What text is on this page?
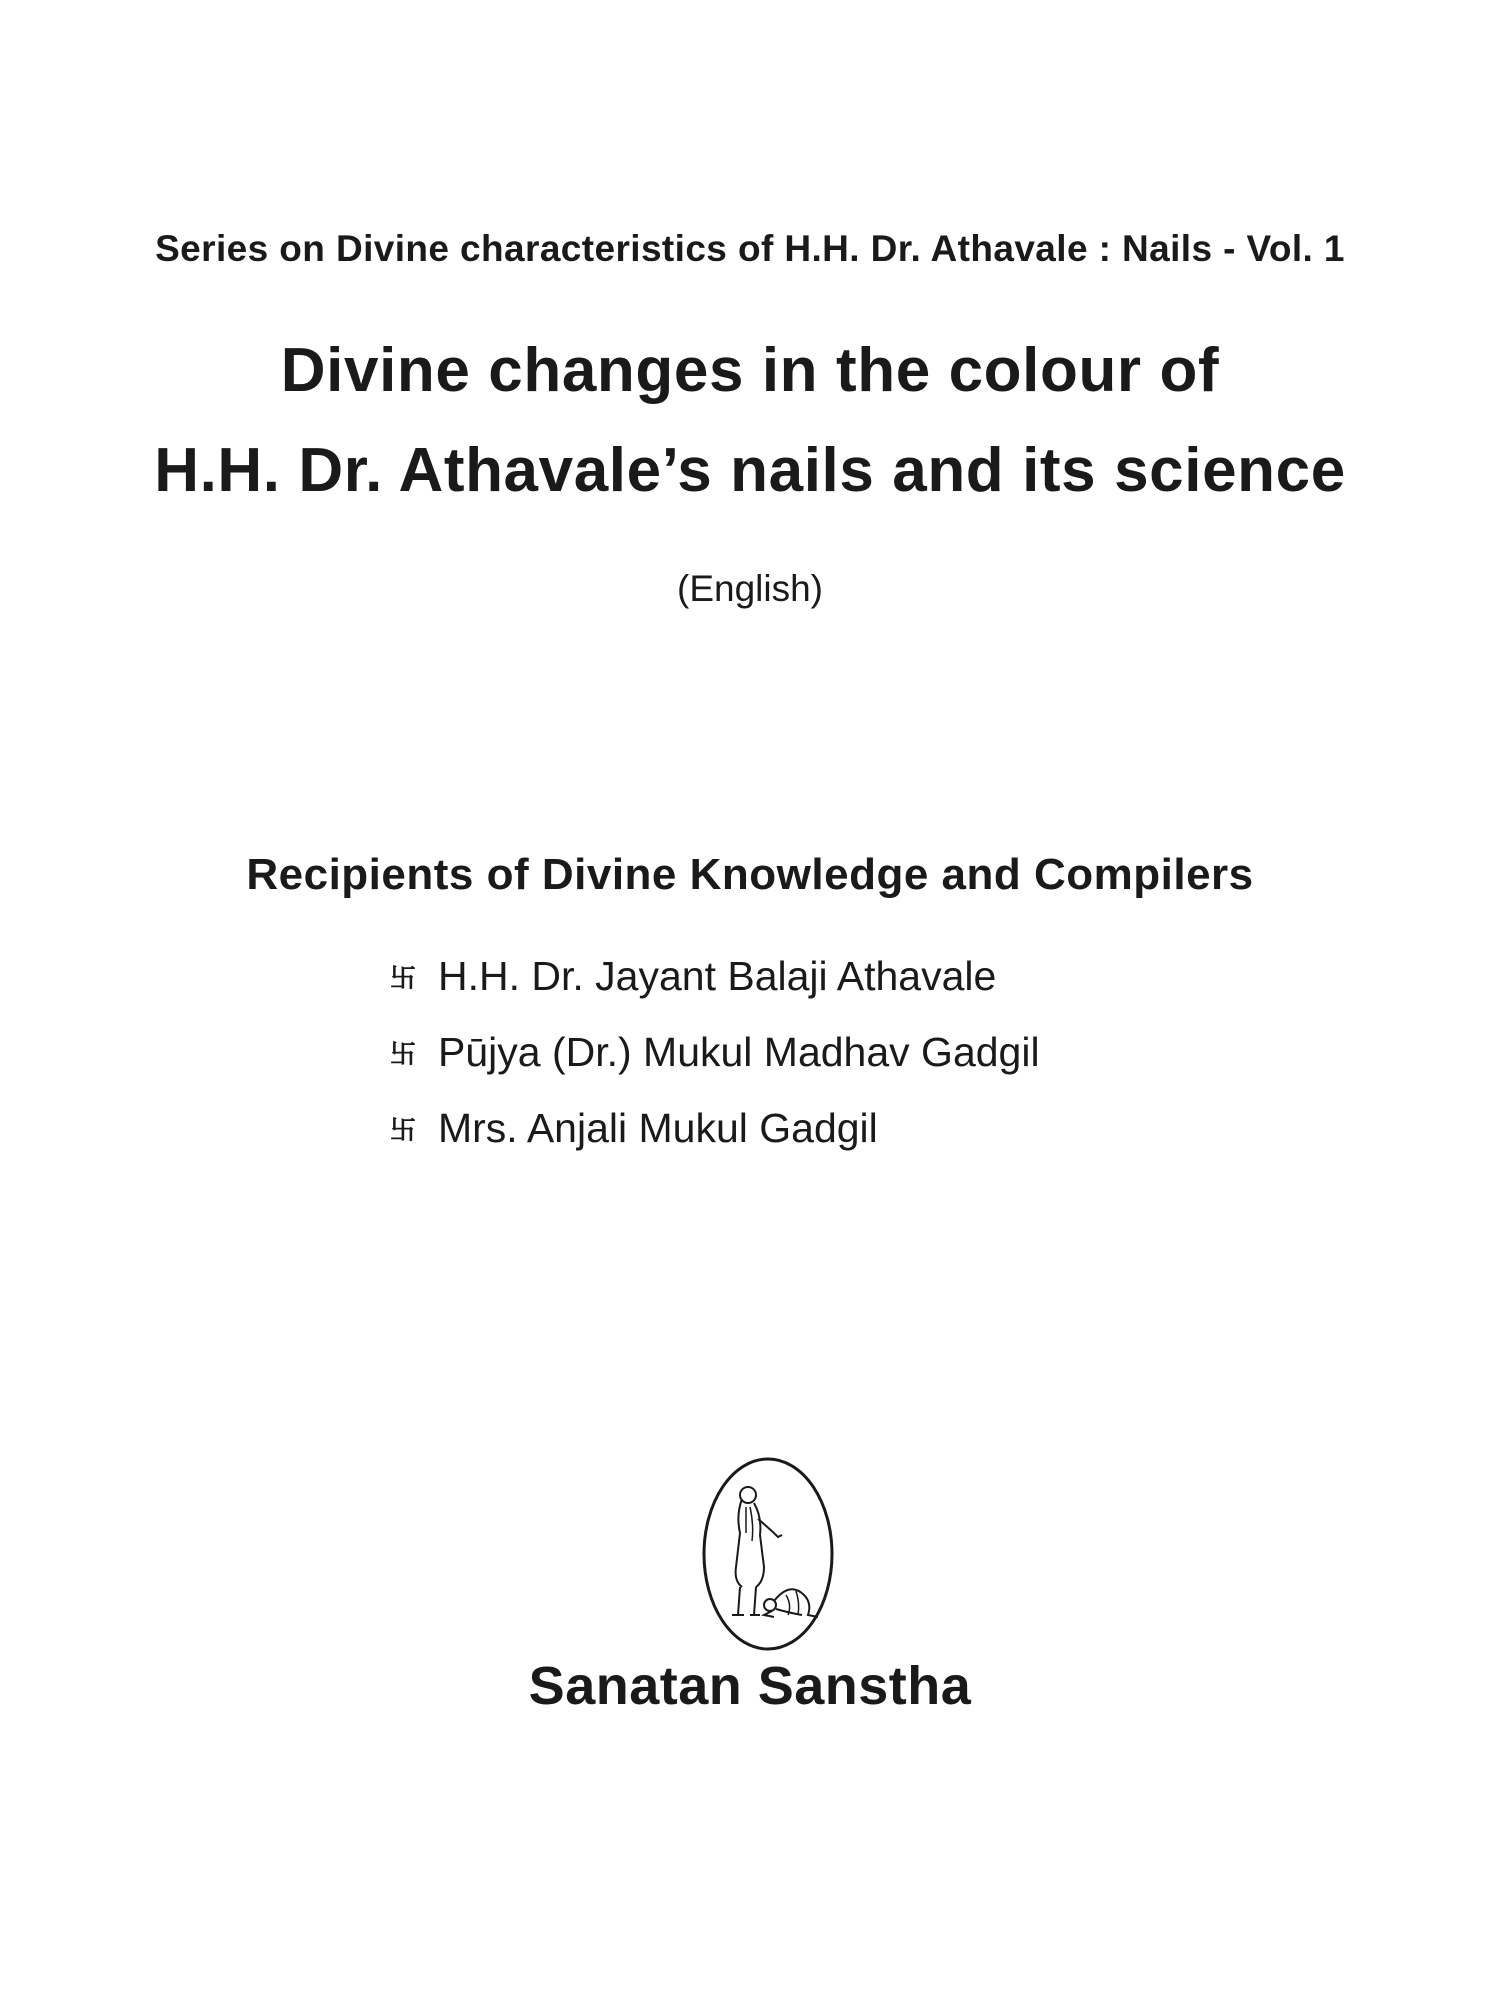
Series on Divine characteristics of H.H. Dr. Athavale : Nails - Vol. 1
Divine changes in the colour of
H.H. Dr. Athavale’s nails and its science
(English)
Recipients of Divine Knowledge and Compilers
卐 H.H. Dr. Jayant Balaji Athavale
卐 Pūjya (Dr.) Mukul Madhav Gadgil
卐 Mrs. Anjali Mukul Gadgil
Sanatan Sanstha
